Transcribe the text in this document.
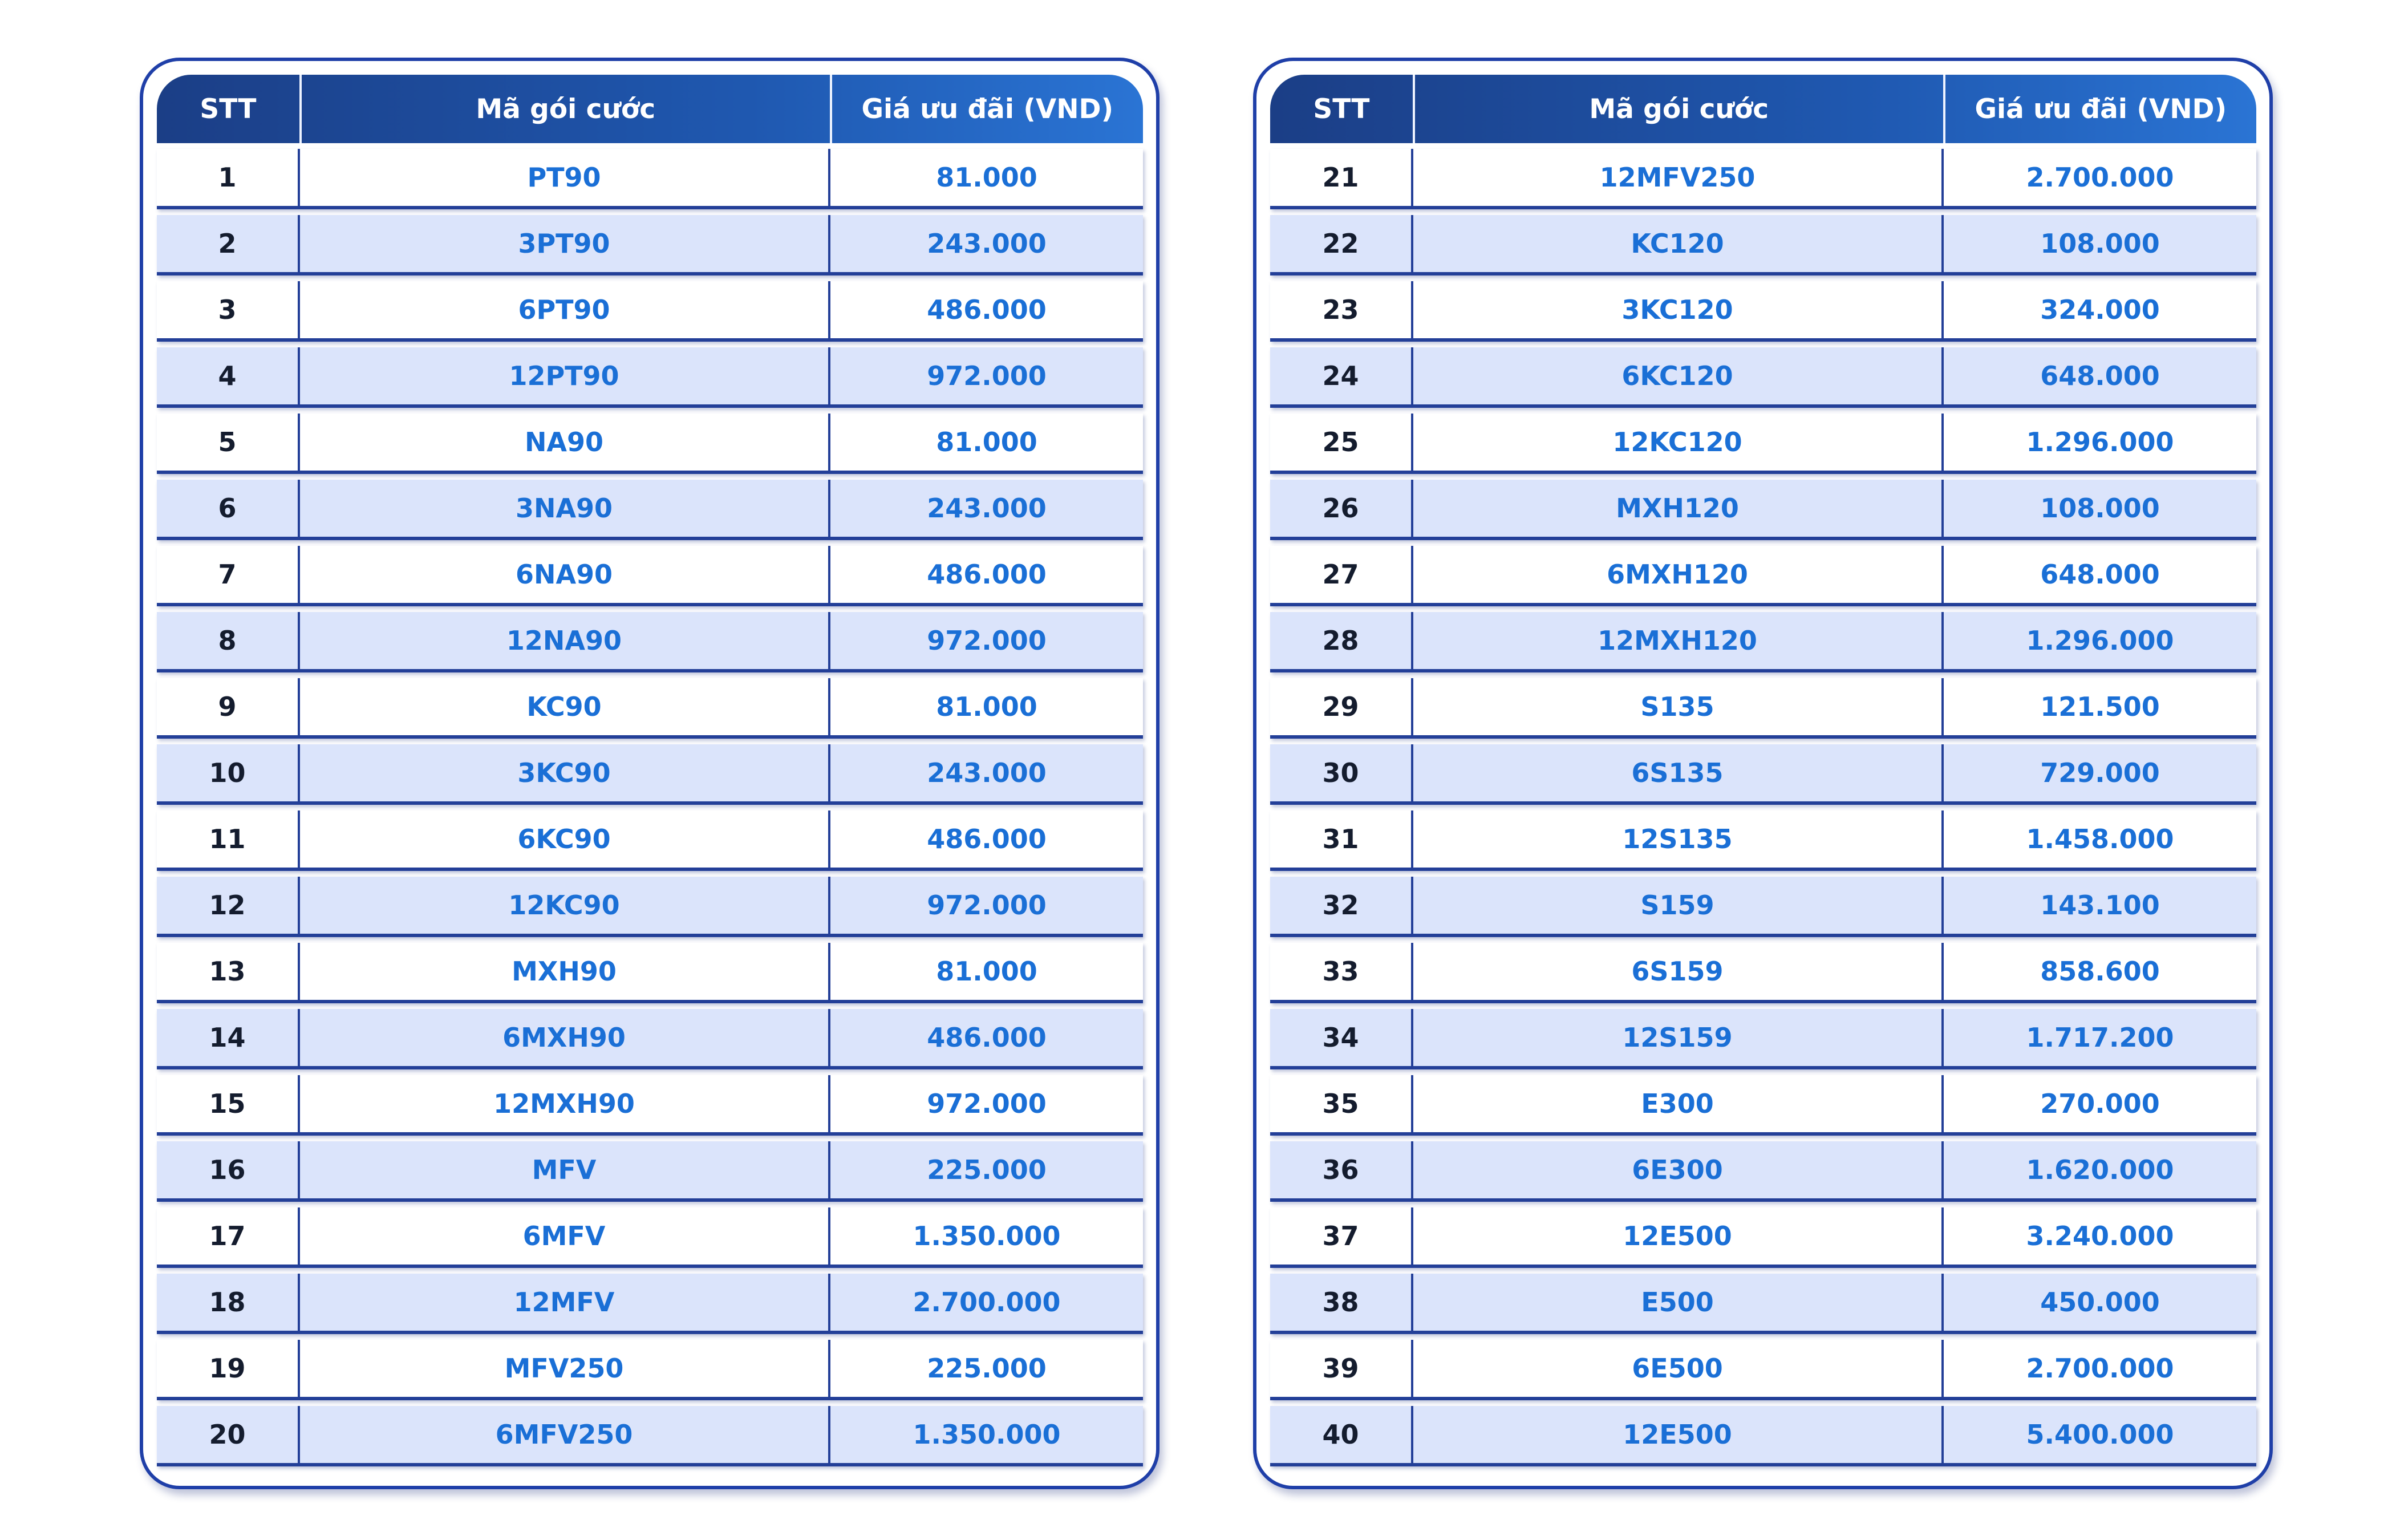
STT	Mã gói cước	Giá ưu đãi (VND)
1	PT90	81.000
2	3PT90	243.000
3	6PT90	486.000
4	12PT90	972.000
5	NA90	81.000
6	3NA90	243.000
7	6NA90	486.000
8	12NA90	972.000
9	KC90	81.000
10	3KC90	243.000
11	6KC90	486.000
12	12KC90	972.000
13	MXH90	81.000
14	6MXH90	486.000
15	12MXH90	972.000
16	MFV	225.000
17	6MFV	1.350.000
18	12MFV	2.700.000
19	MFV250	225.000
20	6MFV250	1.350.000
STT	Mã gói cước	Giá ưu đãi (VND)
21	12MFV250	2.700.000
22	KC120	108.000
23	3KC120	324.000
24	6KC120	648.000
25	12KC120	1.296.000
26	MXH120	108.000
27	6MXH120	648.000
28	12MXH120	1.296.000
29	S135	121.500
30	6S135	729.000
31	12S135	1.458.000
32	S159	143.100
33	6S159	858.600
34	12S159	1.717.200
35	E300	270.000
36	6E300	1.620.000
37	12E500	3.240.000
38	E500	450.000
39	6E500	2.700.000
40	12E500	5.400.000
